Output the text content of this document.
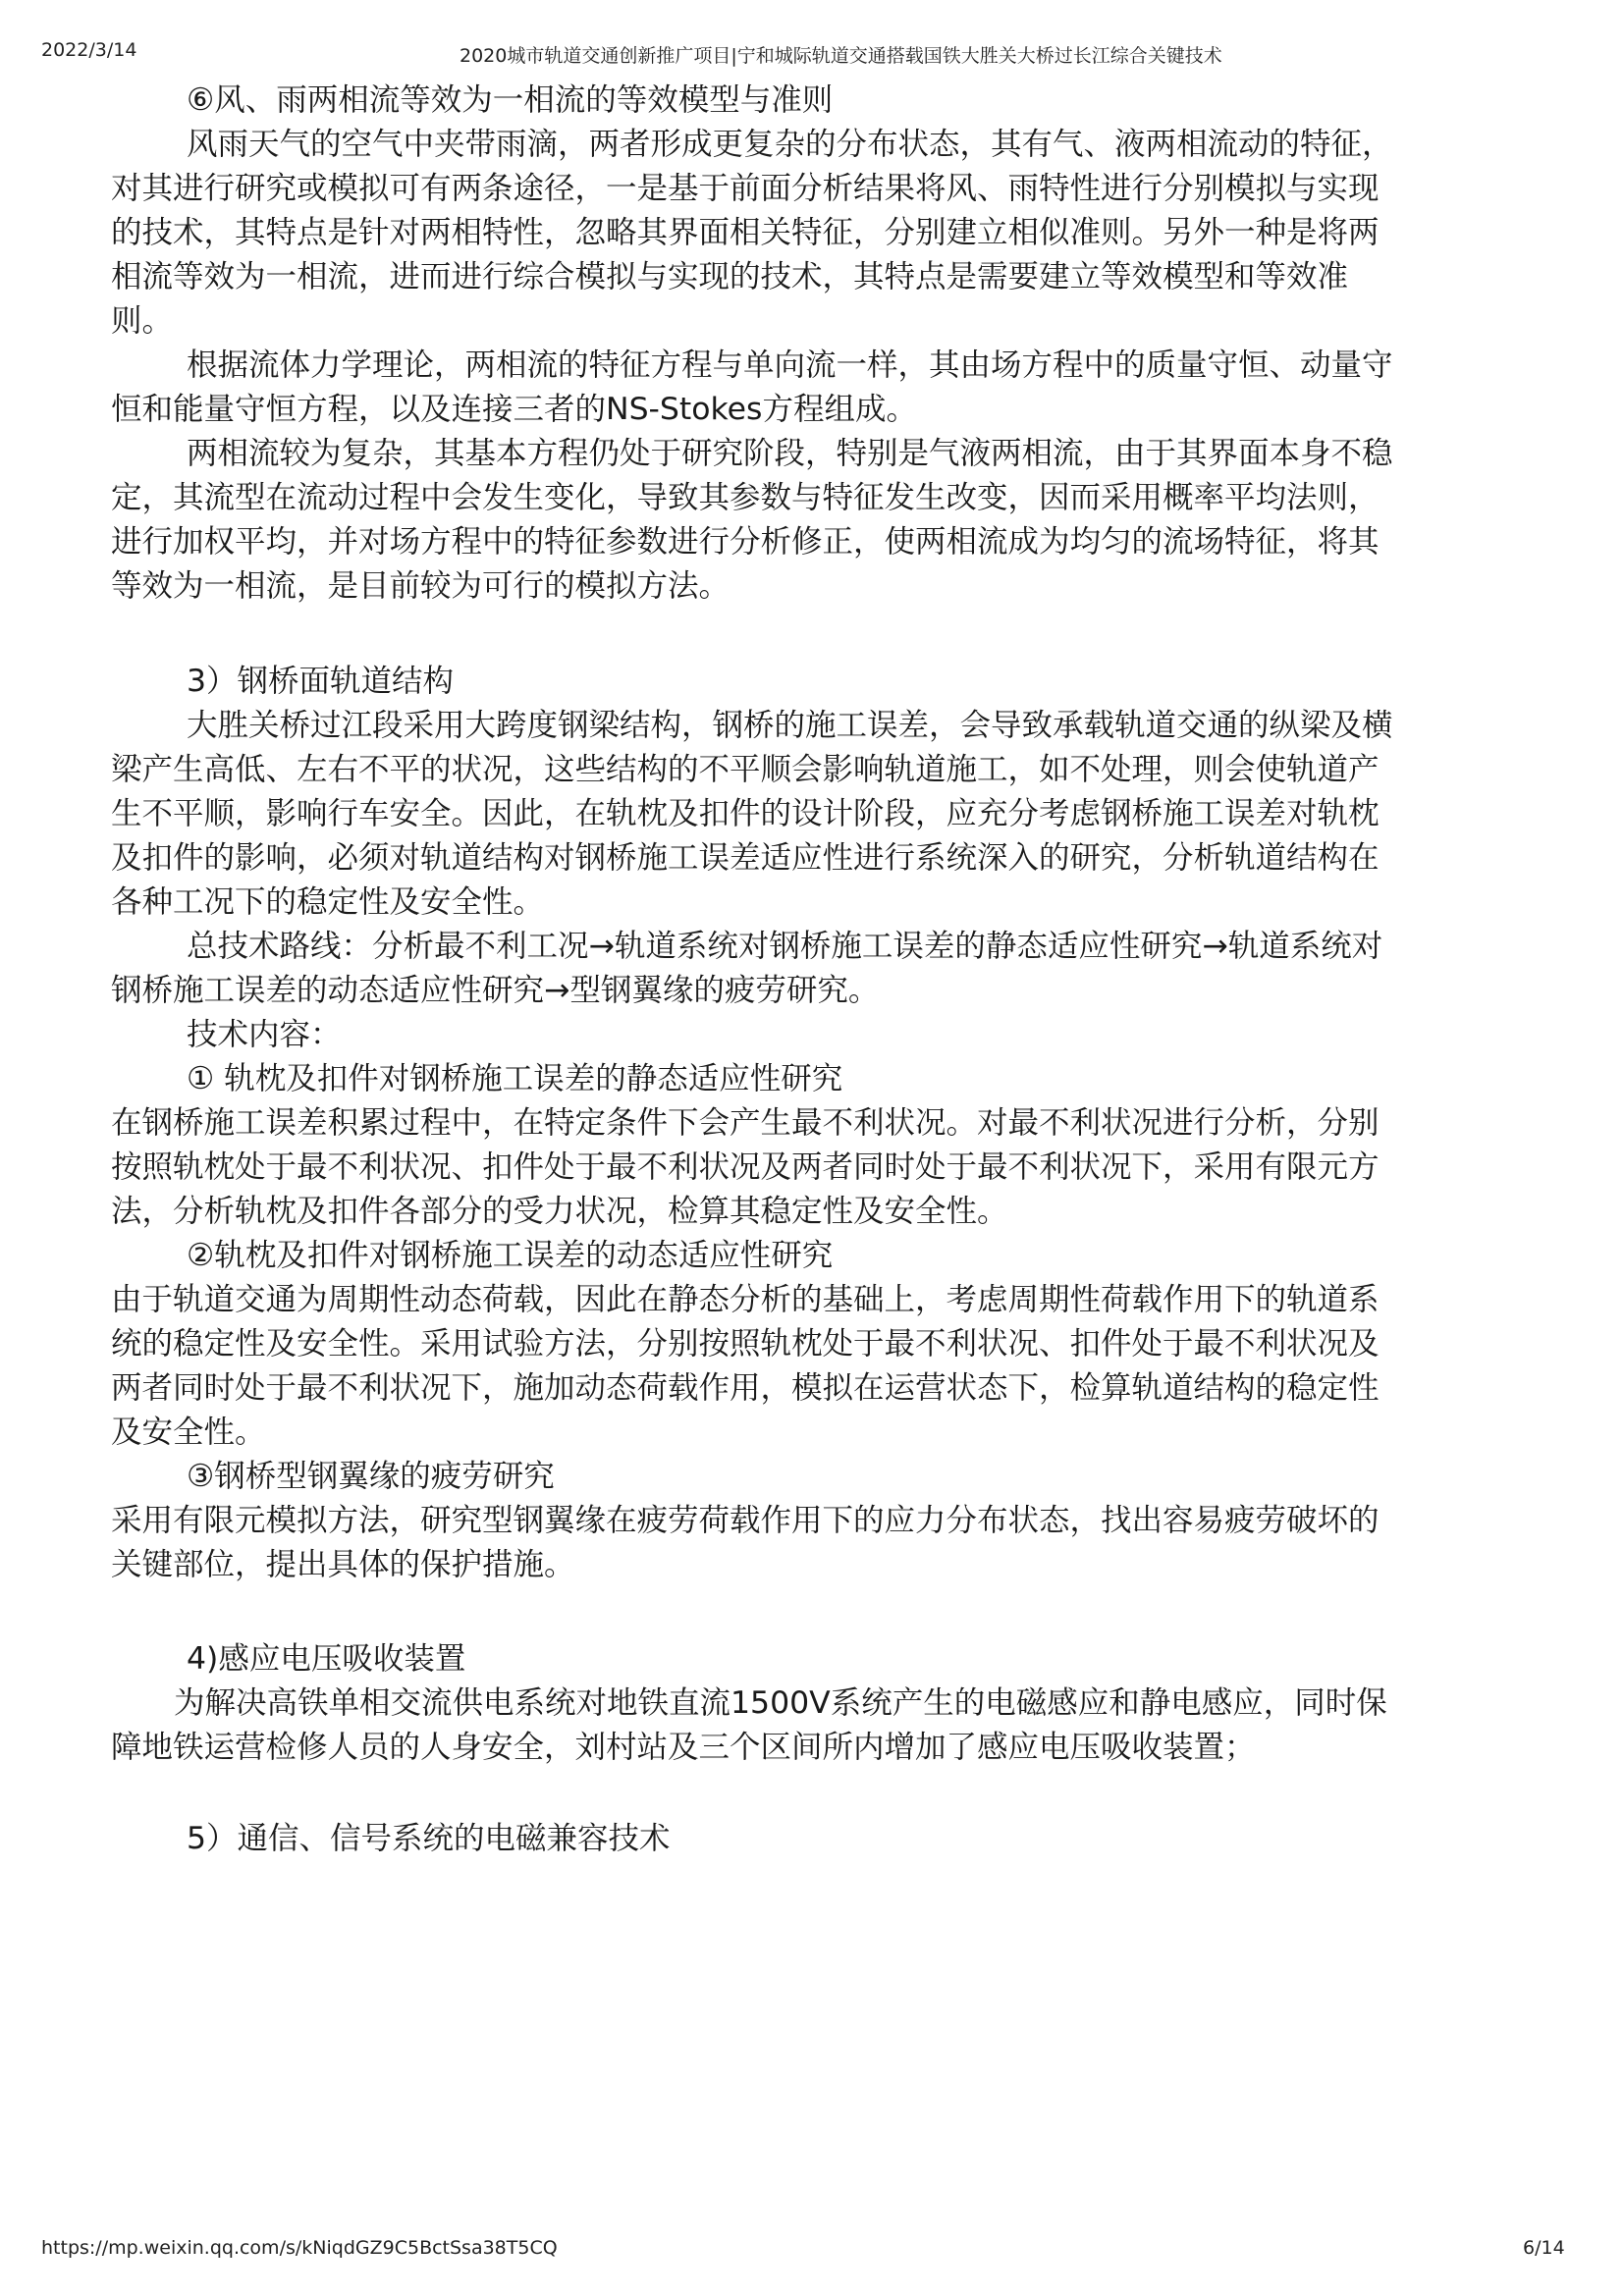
2022/3/14	2020城市轨道交通创新推广项目|宁和城际轨道交通搭载国铁大胜关大桥过长江综合关键技术

⑥风、雨两相流等效为一相流的等效模型与准则

风雨天气的空气中夹带雨滴，两者形成更复杂的分布状态，其有气、液两相流动的特征，

对其进行研究或模拟可有两条途径，一是基于前面分析结果将风、雨特性进行分别模拟与实现

的技术，其特点是针对两相特性，忽略其界面相关特征，分别建立相似准则。另外一种是将两

相流等效为一相流，进而进行综合模拟与实现的技术，其特点是需要建立等效模型和等效准

则。

根据流体力学理论，两相流的特征方程与单向流一样，其由场方程中的质量守恒、动量守

恒和能量守恒方程，以及连接三者的NS-Stokes方程组成。

两相流较为复杂，其基本方程仍处于研究阶段，特别是气液两相流，由于其界面本身不稳

定，其流型在流动过程中会发生变化，导致其参数与特征发生改变，因而采用概率平均法则，

进行加权平均，并对场方程中的特征参数进行分析修正，使两相流成为均匀的流场特征，将其

等效为一相流，是目前较为可行的模拟方法。

3）钢桥面轨道结构

大胜关桥过江段采用大跨度钢梁结构，钢桥的施工误差，会导致承载轨道交通的纵梁及横

梁产生高低、左右不平的状况，这些结构的不平顺会影响轨道施工，如不处理，则会使轨道产

生不平顺，影响行车安全。因此，在轨枕及扣件的设计阶段，应充分考虑钢桥施工误差对轨枕

及扣件的影响，必须对轨道结构对钢桥施工误差适应性进行系统深入的研究，分析轨道结构在

各种工况下的稳定性及安全性。

总技术路线：分析最不利工况→轨道系统对钢桥施工误差的静态适应性研究→轨道系统对

钢桥施工误差的动态适应性研究→型钢翼缘的疲劳研究。

技术内容：

① 轨枕及扣件对钢桥施工误差的静态适应性研究

在钢桥施工误差积累过程中，在特定条件下会产生最不利状况。对最不利状况进行分析，分别

按照轨枕处于最不利状况、扣件处于最不利状况及两者同时处于最不利状况下，采用有限元方

法，分析轨枕及扣件各部分的受力状况，检算其稳定性及安全性。

②轨枕及扣件对钢桥施工误差的动态适应性研究

由于轨道交通为周期性动态荷载，因此在静态分析的基础上，考虑周期性荷载作用下的轨道系

统的稳定性及安全性。采用试验方法，分别按照轨枕处于最不利状况、扣件处于最不利状况及

两者同时处于最不利状况下，施加动态荷载作用，模拟在运营状态下，检算轨道结构的稳定性

及安全性。

③钢桥型钢翼缘的疲劳研究

采用有限元模拟方法，研究型钢翼缘在疲劳荷载作用下的应力分布状态，找出容易疲劳破坏的

关键部位，提出具体的保护措施。

4)感应电压吸收装置

为解决高铁单相交流供电系统对地铁直流1500V系统产生的电磁感应和静电感应，同时保

障地铁运营检修人员的人身安全，刘村站及三个区间所内增加了感应电压吸收装置；

5）通信、信号系统的电磁兼容技术

https://mp.weixin.qq.com/s/kNiqdGZ9C5BctSsa38T5CQ	6/14
